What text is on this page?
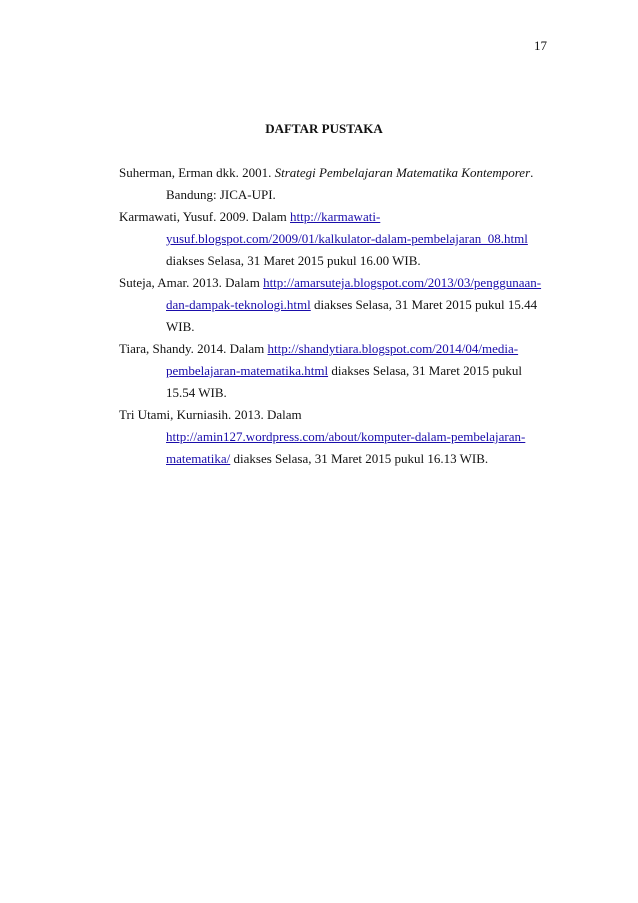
17
DAFTAR PUSTAKA
Suherman, Erman dkk. 2001. Strategi Pembelajaran Matematika Kontemporer.
Bandung: JICA-UPI.
Karmawati, Yusuf. 2009. Dalam http://karmawati-
yusuf.blogspot.com/2009/01/kalkulator-dalam-pembelajaran_08.html
diakses Selasa, 31 Maret 2015 pukul 16.00 WIB.
Suteja, Amar. 2013. Dalam http://amarsuteja.blogspot.com/2013/03/penggunaan-
dan-dampak-teknologi.html diakses Selasa, 31 Maret 2015 pukul 15.44
WIB.
Tiara, Shandy. 2014. Dalam http://shandytiara.blogspot.com/2014/04/media-
pembelajaran-matematika.html diakses Selasa, 31 Maret 2015 pukul
15.54 WIB.
Tri Utami, Kurniasih. 2013. Dalam
http://amin127.wordpress.com/about/komputer-dalam-pembelajaran-
matematika/ diakses Selasa, 31 Maret 2015 pukul 16.13 WIB.
